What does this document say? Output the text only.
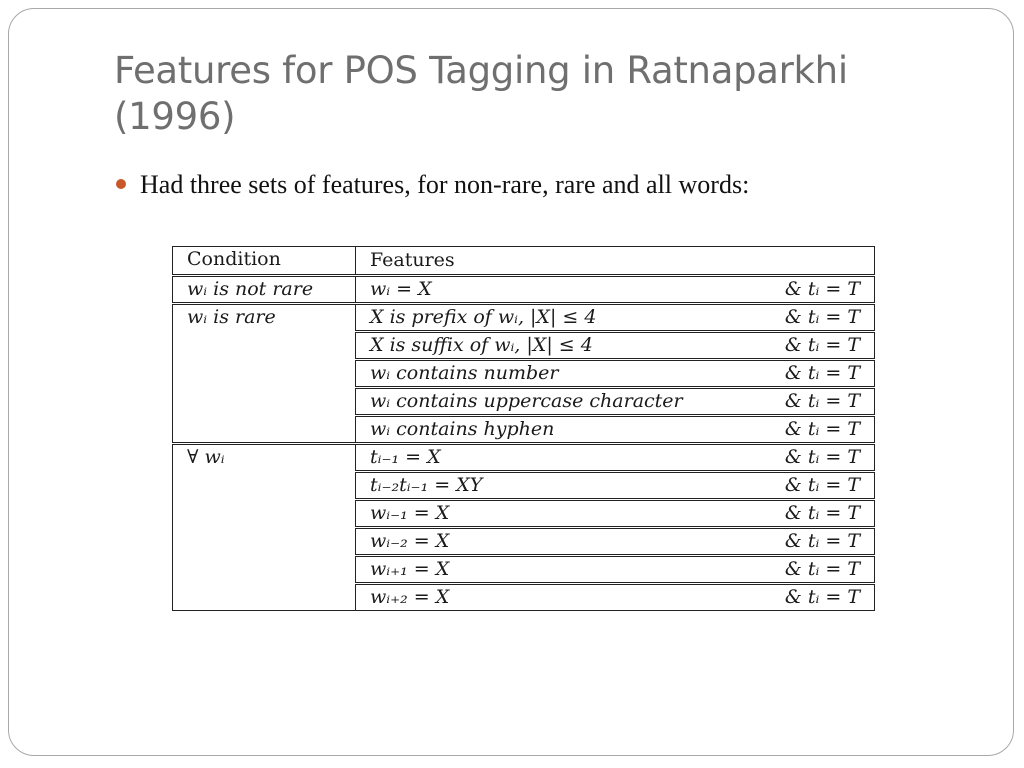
Features for POS Tagging in Ratnaparkhi (1996)
Had three sets of features, for non-rare, rare and all words:
Condition	Features
wᵢ is not rare	wᵢ = X & tᵢ = T

wᵢ is rare	X is prefix of wᵢ, |X| ≤ 4 & tᵢ = T

	X is suffix of wᵢ, |X| ≤ 4 & tᵢ = T

	wᵢ contains number & tᵢ = T

	wᵢ contains uppercase character & tᵢ = T

	wᵢ contains hyphen & tᵢ = T

∀ wᵢ	tᵢ₋₁ = X & tᵢ = T

	tᵢ₋₂tᵢ₋₁ = XY & tᵢ = T

	wᵢ₋₁ = X & tᵢ = T

	wᵢ₋₂ = X & tᵢ = T

	wᵢ₊₁ = X & tᵢ = T

	wᵢ₊₂ = X & tᵢ = T
